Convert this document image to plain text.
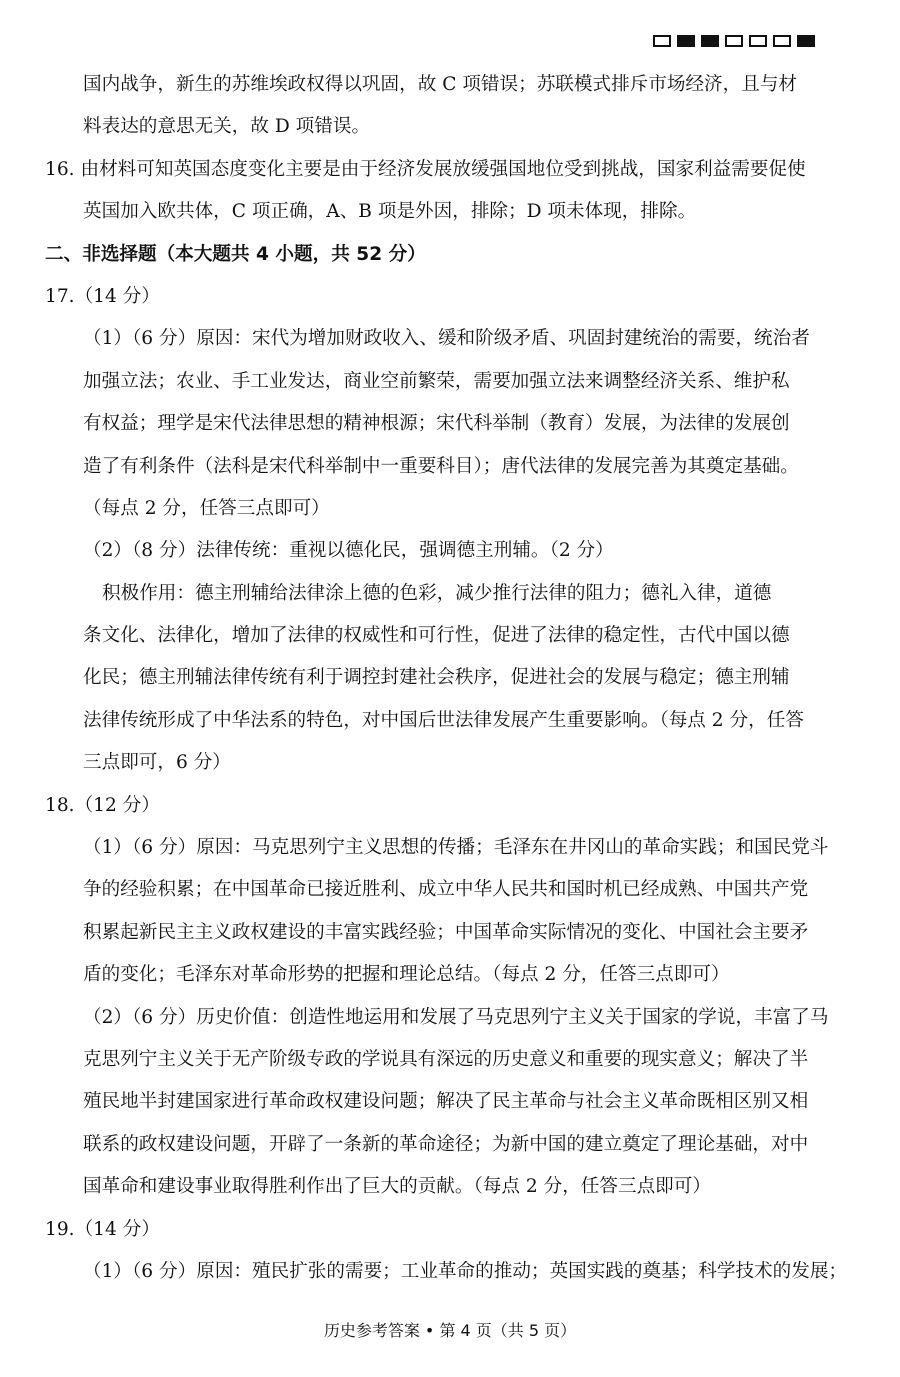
国内战争，新生的苏维埃政权得以巩固，故 C 项错误；苏联模式排斥市场经济，且与材
料表达的意思无关，故 D 项错误。
16. 由材料可知英国态度变化主要是由于经济发展放缓强国地位受到挑战，国家利益需要促使
英国加入欧共体，C 项正确，A、B 项是外因，排除；D 项未体现，排除。
二、非选择题（本大题共 4 小题，共 52 分）
17.（14 分）
（1）（6 分）原因：宋代为增加财政收入、缓和阶级矛盾、巩固封建统治的需要，统治者
加强立法；农业、手工业发达，商业空前繁荣，需要加强立法来调整经济关系、维护私
有权益；理学是宋代法律思想的精神根源；宋代科举制（教育）发展，为法律的发展创
造了有利条件（法科是宋代科举制中一重要科目）；唐代法律的发展完善为其奠定基础。
（每点 2 分，任答三点即可）
（2）（8 分）法律传统：重视以德化民，强调德主刑辅。（2 分）
积极作用：德主刑辅给法律涂上德的色彩，减少推行法律的阻力；德礼入律，道德
条文化、法律化，增加了法律的权威性和可行性，促进了法律的稳定性，古代中国以德
化民；德主刑辅法律传统有利于调控封建社会秩序，促进社会的发展与稳定；德主刑辅
法律传统形成了中华法系的特色，对中国后世法律发展产生重要影响。（每点 2 分，任答
三点即可，6 分）
18.（12 分）
（1）（6 分）原因：马克思列宁主义思想的传播；毛泽东在井冈山的革命实践；和国民党斗
争的经验积累；在中国革命已接近胜利、成立中华人民共和国时机已经成熟、中国共产党
积累起新民主主义政权建设的丰富实践经验；中国革命实际情况的变化、中国社会主要矛
盾的变化；毛泽东对革命形势的把握和理论总结。（每点 2 分，任答三点即可）
（2）（6 分）历史价值：创造性地运用和发展了马克思列宁主义关于国家的学说，丰富了马
克思列宁主义关于无产阶级专政的学说具有深远的历史意义和重要的现实意义；解决了半
殖民地半封建国家进行革命政权建设问题；解决了民主革命与社会主义革命既相区别又相
联系的政权建设问题，开辟了一条新的革命途径；为新中国的建立奠定了理论基础，对中
国革命和建设事业取得胜利作出了巨大的贡献。（每点 2 分，任答三点即可）
19.（14 分）
（1）（6 分）原因：殖民扩张的需要；工业革命的推动；英国实践的奠基；科学技术的发展；
历史参考答案 • 第 4 页（共 5 页）
